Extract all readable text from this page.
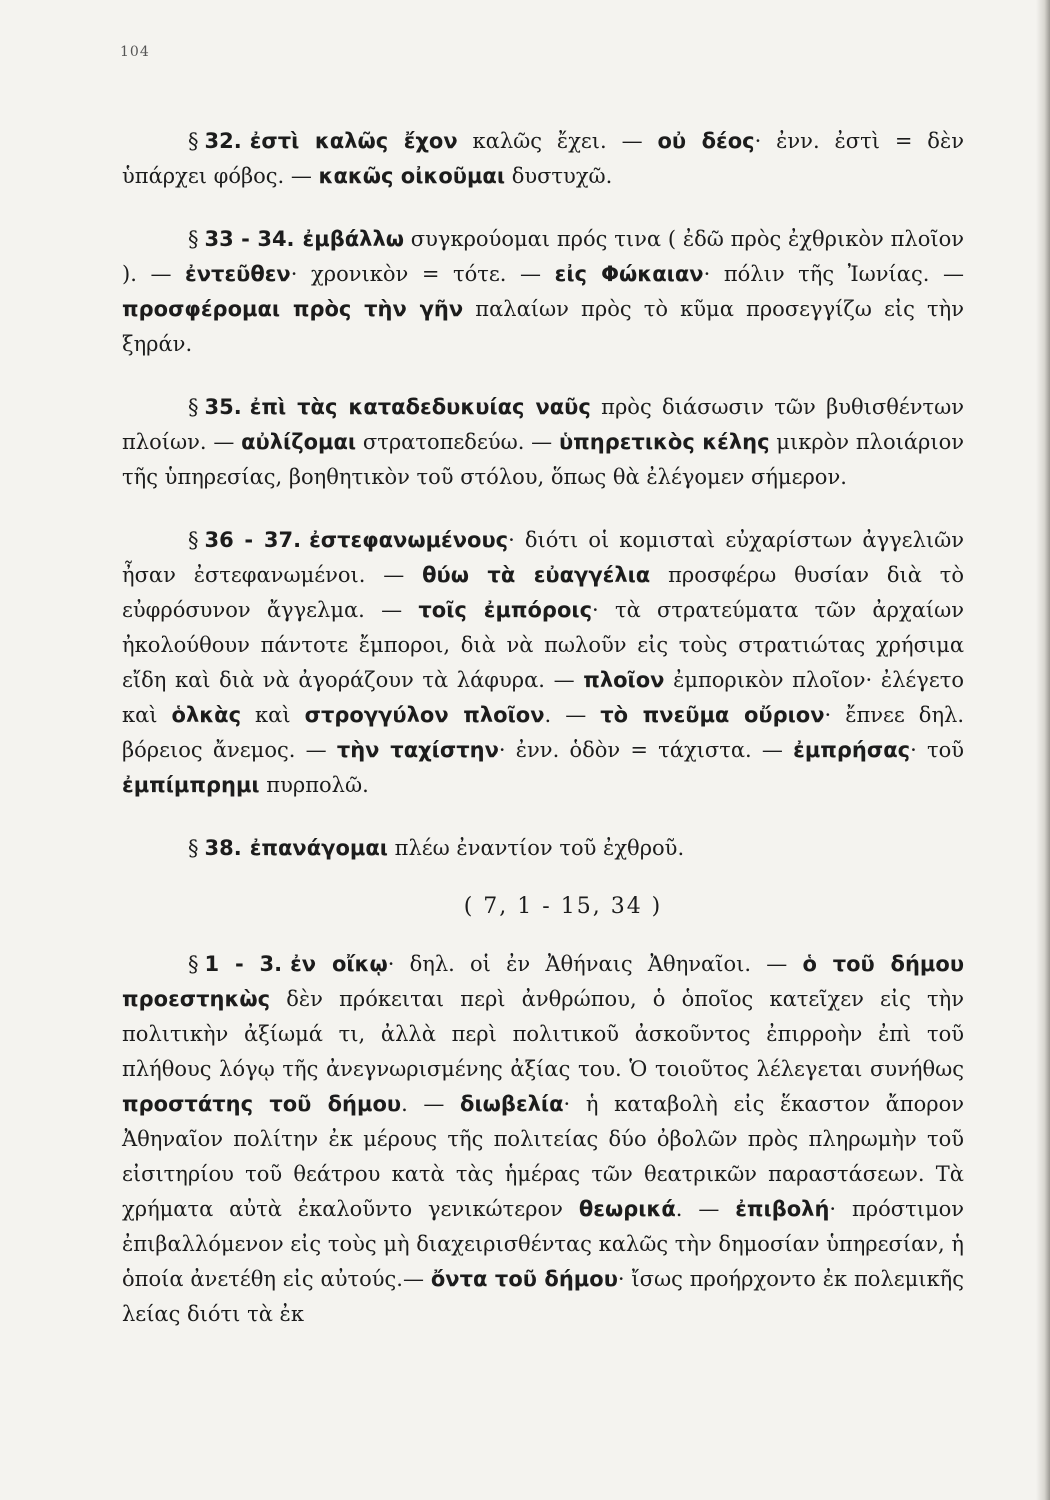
104

§ 32. ἐστὶ καλῶς ἔχον καλῶς ἔχει. — οὐ δέος· ἐνν. ἐστὶ = δὲν ὑπάρχει φόβος. — κακῶς οἰκοῦμαι δυστυχῶ.

§ 33 - 34. ἐμβάλλω συγκρούομαι πρός τινα ( ἐδῶ πρὸς ἐχθρικὸν πλοῖον ). — ἐντεῦθεν· χρονικὸν = τότε. — εἰς Φώκαιαν· πόλιν τῆς Ἰωνίας. — προσφέρομαι πρὸς τὴν γῆν παλαίων πρὸς τὸ κῦμα προσεγγίζω εἰς τὴν ξηράν.

§ 35. ἐπὶ τὰς καταδεδυκυίας ναῦς πρὸς διάσωσιν τῶν βυθισθέντων πλοίων. — αὐλίζομαι στρατοπεδεύω. — ὑπηρετικὸς κέλης μικρὸν πλοιάριον τῆς ὑπηρεσίας, βοηθητικὸν τοῦ στόλου, ὅπως θὰ ἐλέγομεν σήμερον.

§ 36 - 37. ἐστεφανωμένους· διότι οἱ κομισταὶ εὐχαρίστων ἀγγελιῶν ἦσαν ἐστεφανωμένοι. — θύω τὰ εὐαγγέλια προσφέρω θυσίαν διὰ τὸ εὐφρόσυνον ἄγγελμα. — τοῖς ἐμπόροις· τὰ στρατεύματα τῶν ἀρχαίων ἠκολούθουν πάντοτε ἔμποροι, διὰ νὰ πωλοῦν εἰς τοὺς στρατιώτας χρήσιμα εἴδη καὶ διὰ νὰ ἀγοράζουν τὰ λάφυρα. — πλοῖον ἐμπορικὸν πλοῖον· ἐλέγετο καὶ ὁλκὰς καὶ στρογγύλον πλοῖον. — τὸ πνεῦμα οὔριον· ἔπνεε δηλ. βόρειος ἄνεμος. — τὴν ταχίστην· ἐνν. ὁδὸν = τάχιστα. — ἐμπρήσας· τοῦ ἐμπίμπρημι πυρπολῶ.

§ 38. ἐπανάγομαι πλέω ἐναντίον τοῦ ἐχθροῦ.

( 7, 1 - 15, 34 )

§ 1 - 3. ἐν οἴκῳ· δηλ. οἱ ἐν Ἀθήναις Ἀθηναῖοι. — ὁ τοῦ δήμου προεστηκὼς δὲν πρόκειται περὶ ἀνθρώπου, ὁ ὁποῖος κατεῖχεν εἰς τὴν πολιτικὴν ἀξίωμά τι, ἀλλὰ περὶ πολιτικοῦ ἀσκοῦντος ἐπιρροὴν ἐπὶ τοῦ πλήθους λόγῳ τῆς ἀνεγνωρισμένης ἀξίας του. Ὁ τοιοῦτος λέλεγεται συνήθως προστάτης τοῦ δήμου. — διωβελία· ἡ καταβολὴ εἰς ἕκαστον ἄπορον Ἀθηναῖον πολίτην ἐκ μέρους τῆς πολιτείας δύο ὀβολῶν πρὸς πληρωμὴν τοῦ εἰσιτηρίου τοῦ θεάτρου κατὰ τὰς ἡμέρας τῶν θεατρικῶν παραστάσεων. Τὰ χρήματα αὐτὰ ἐκαλοῦντο γενικώτερον θεωρικά. — ἐπιβολή· πρόστιμον ἐπιβαλλόμενον εἰς τοὺς μὴ διαχειρισθέντας καλῶς τὴν δημοσίαν ὑπηρεσίαν, ἡ ὁποία ἀνετέθη εἰς αὐτούς.— ὄντα τοῦ δήμου· ἴσως προήρχοντο ἐκ πολεμικῆς λείας διότι τὰ ἐκ
